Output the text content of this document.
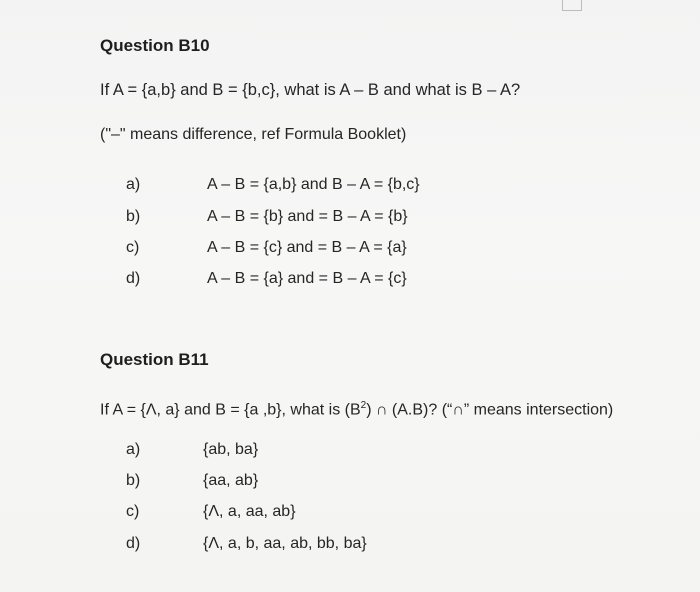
Question B10
If A = {a,b} and B = {b,c}, what is A – B and what is B – A?
("–" means difference, ref Formula Booklet)
a)	A – B = {a,b} and B – A = {b,c}
b)	A – B = {b} and = B – A = {b}
c)	A – B = {c} and = B – A = {a}
d)	A – B = {a} and = B – A = {c}
Question B11
If A = {Λ, a} and B = {a ,b}, what is $(B^2)$ ∩ (A.B)? (“∩” means intersection)
a)	{ab, ba}
b)	{aa, ab}
c)	{Λ, a, aa, ab}
d)	{Λ, a, b, aa, ab, bb, ba}
